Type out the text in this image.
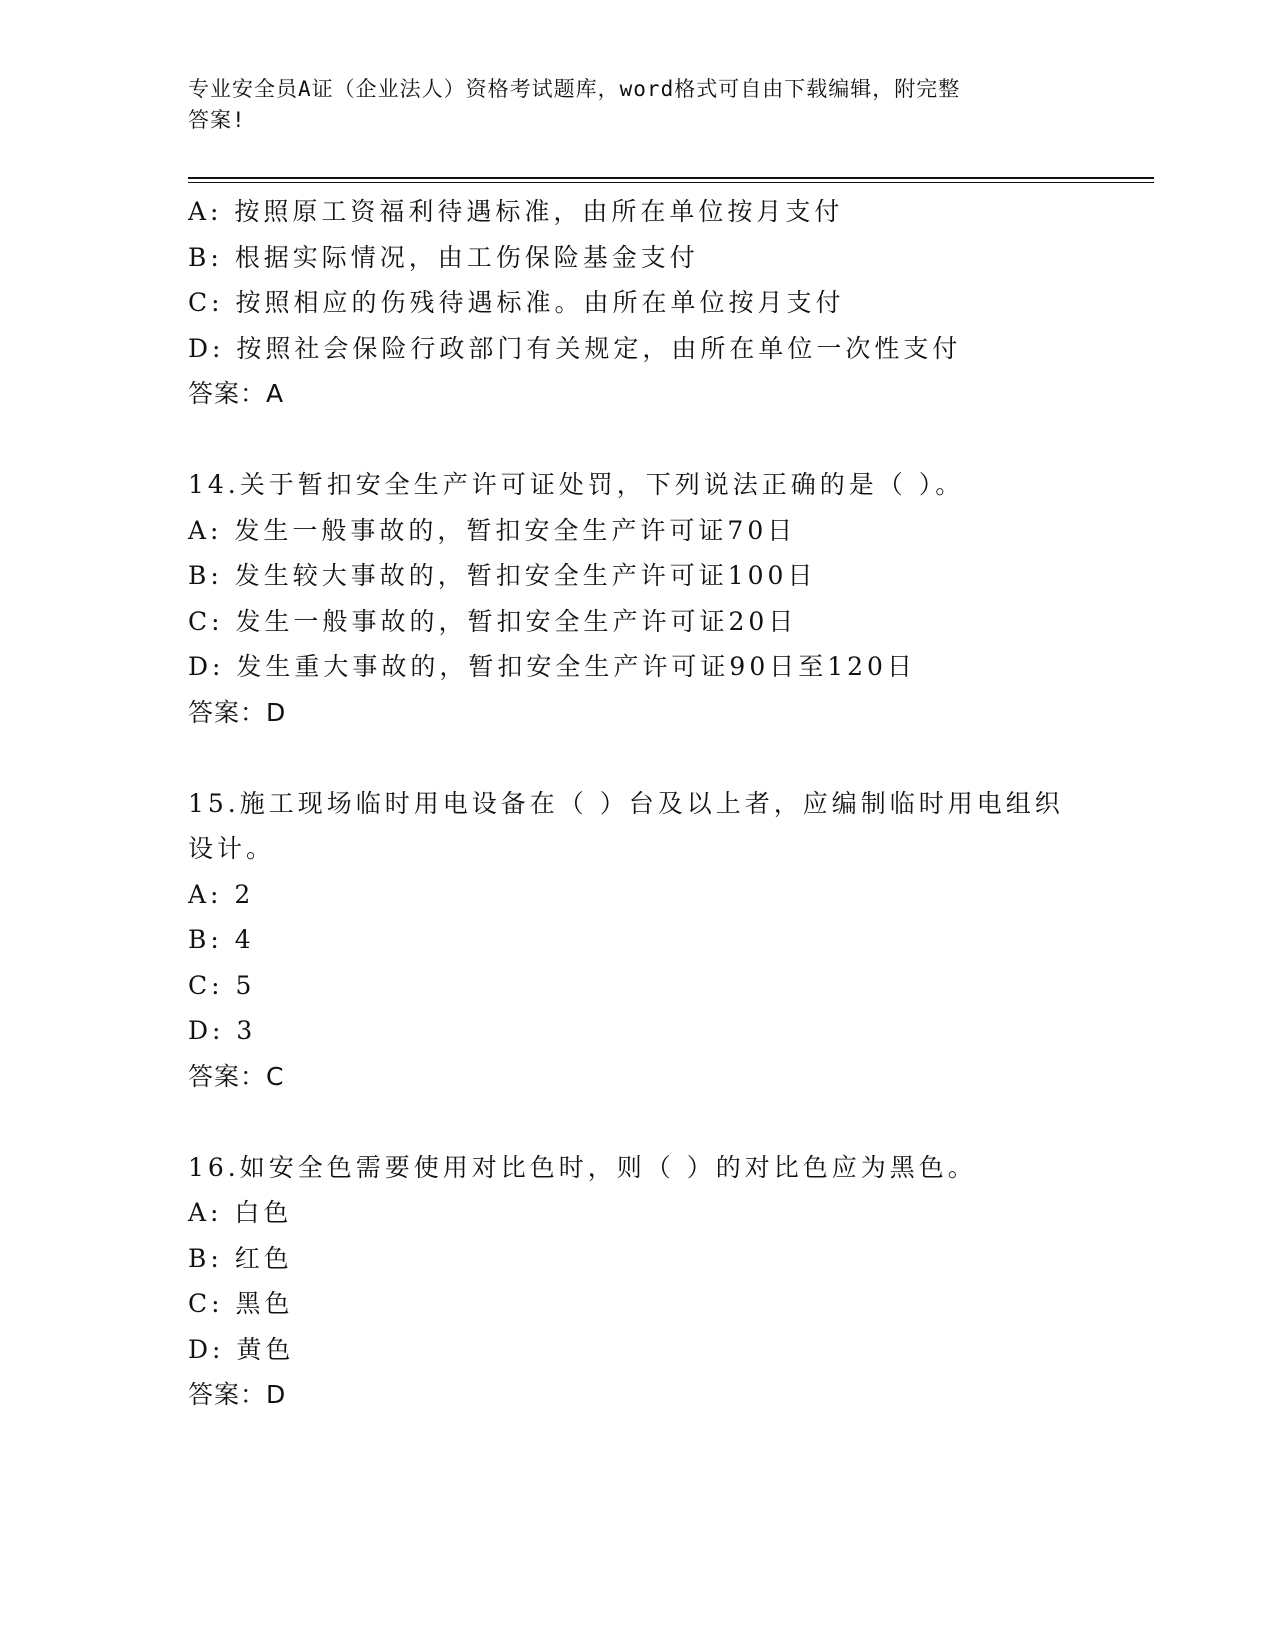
专业安全员A证（企业法人）资格考试题库，word格式可自由下载编辑，附完整
答案!
A: 按照原工资福利待遇标准，由所在单位按月支付
B: 根据实际情况，由工伤保险基金支付
C: 按照相应的伤残待遇标准。由所在单位按月支付
D: 按照社会保险行政部门有关规定，由所在单位一次性支付
答案：A
14.关于暂扣安全生产许可证处罚，下列说法正确的是（ ）。
A: 发生一般事故的，暂扣安全生产许可证70日
B: 发生较大事故的，暂扣安全生产许可证100日
C: 发生一般事故的，暂扣安全生产许可证20日
D: 发生重大事故的，暂扣安全生产许可证90日至120日
答案：D
15.施工现场临时用电设备在（ ）台及以上者，应编制临时用电组织
设计。
A: 2
B: 4
C: 5
D: 3
答案：C
16.如安全色需要使用对比色时，则（ ）的对比色应为黑色。
A: 白色
B: 红色
C: 黑色
D: 黄色
答案：D
